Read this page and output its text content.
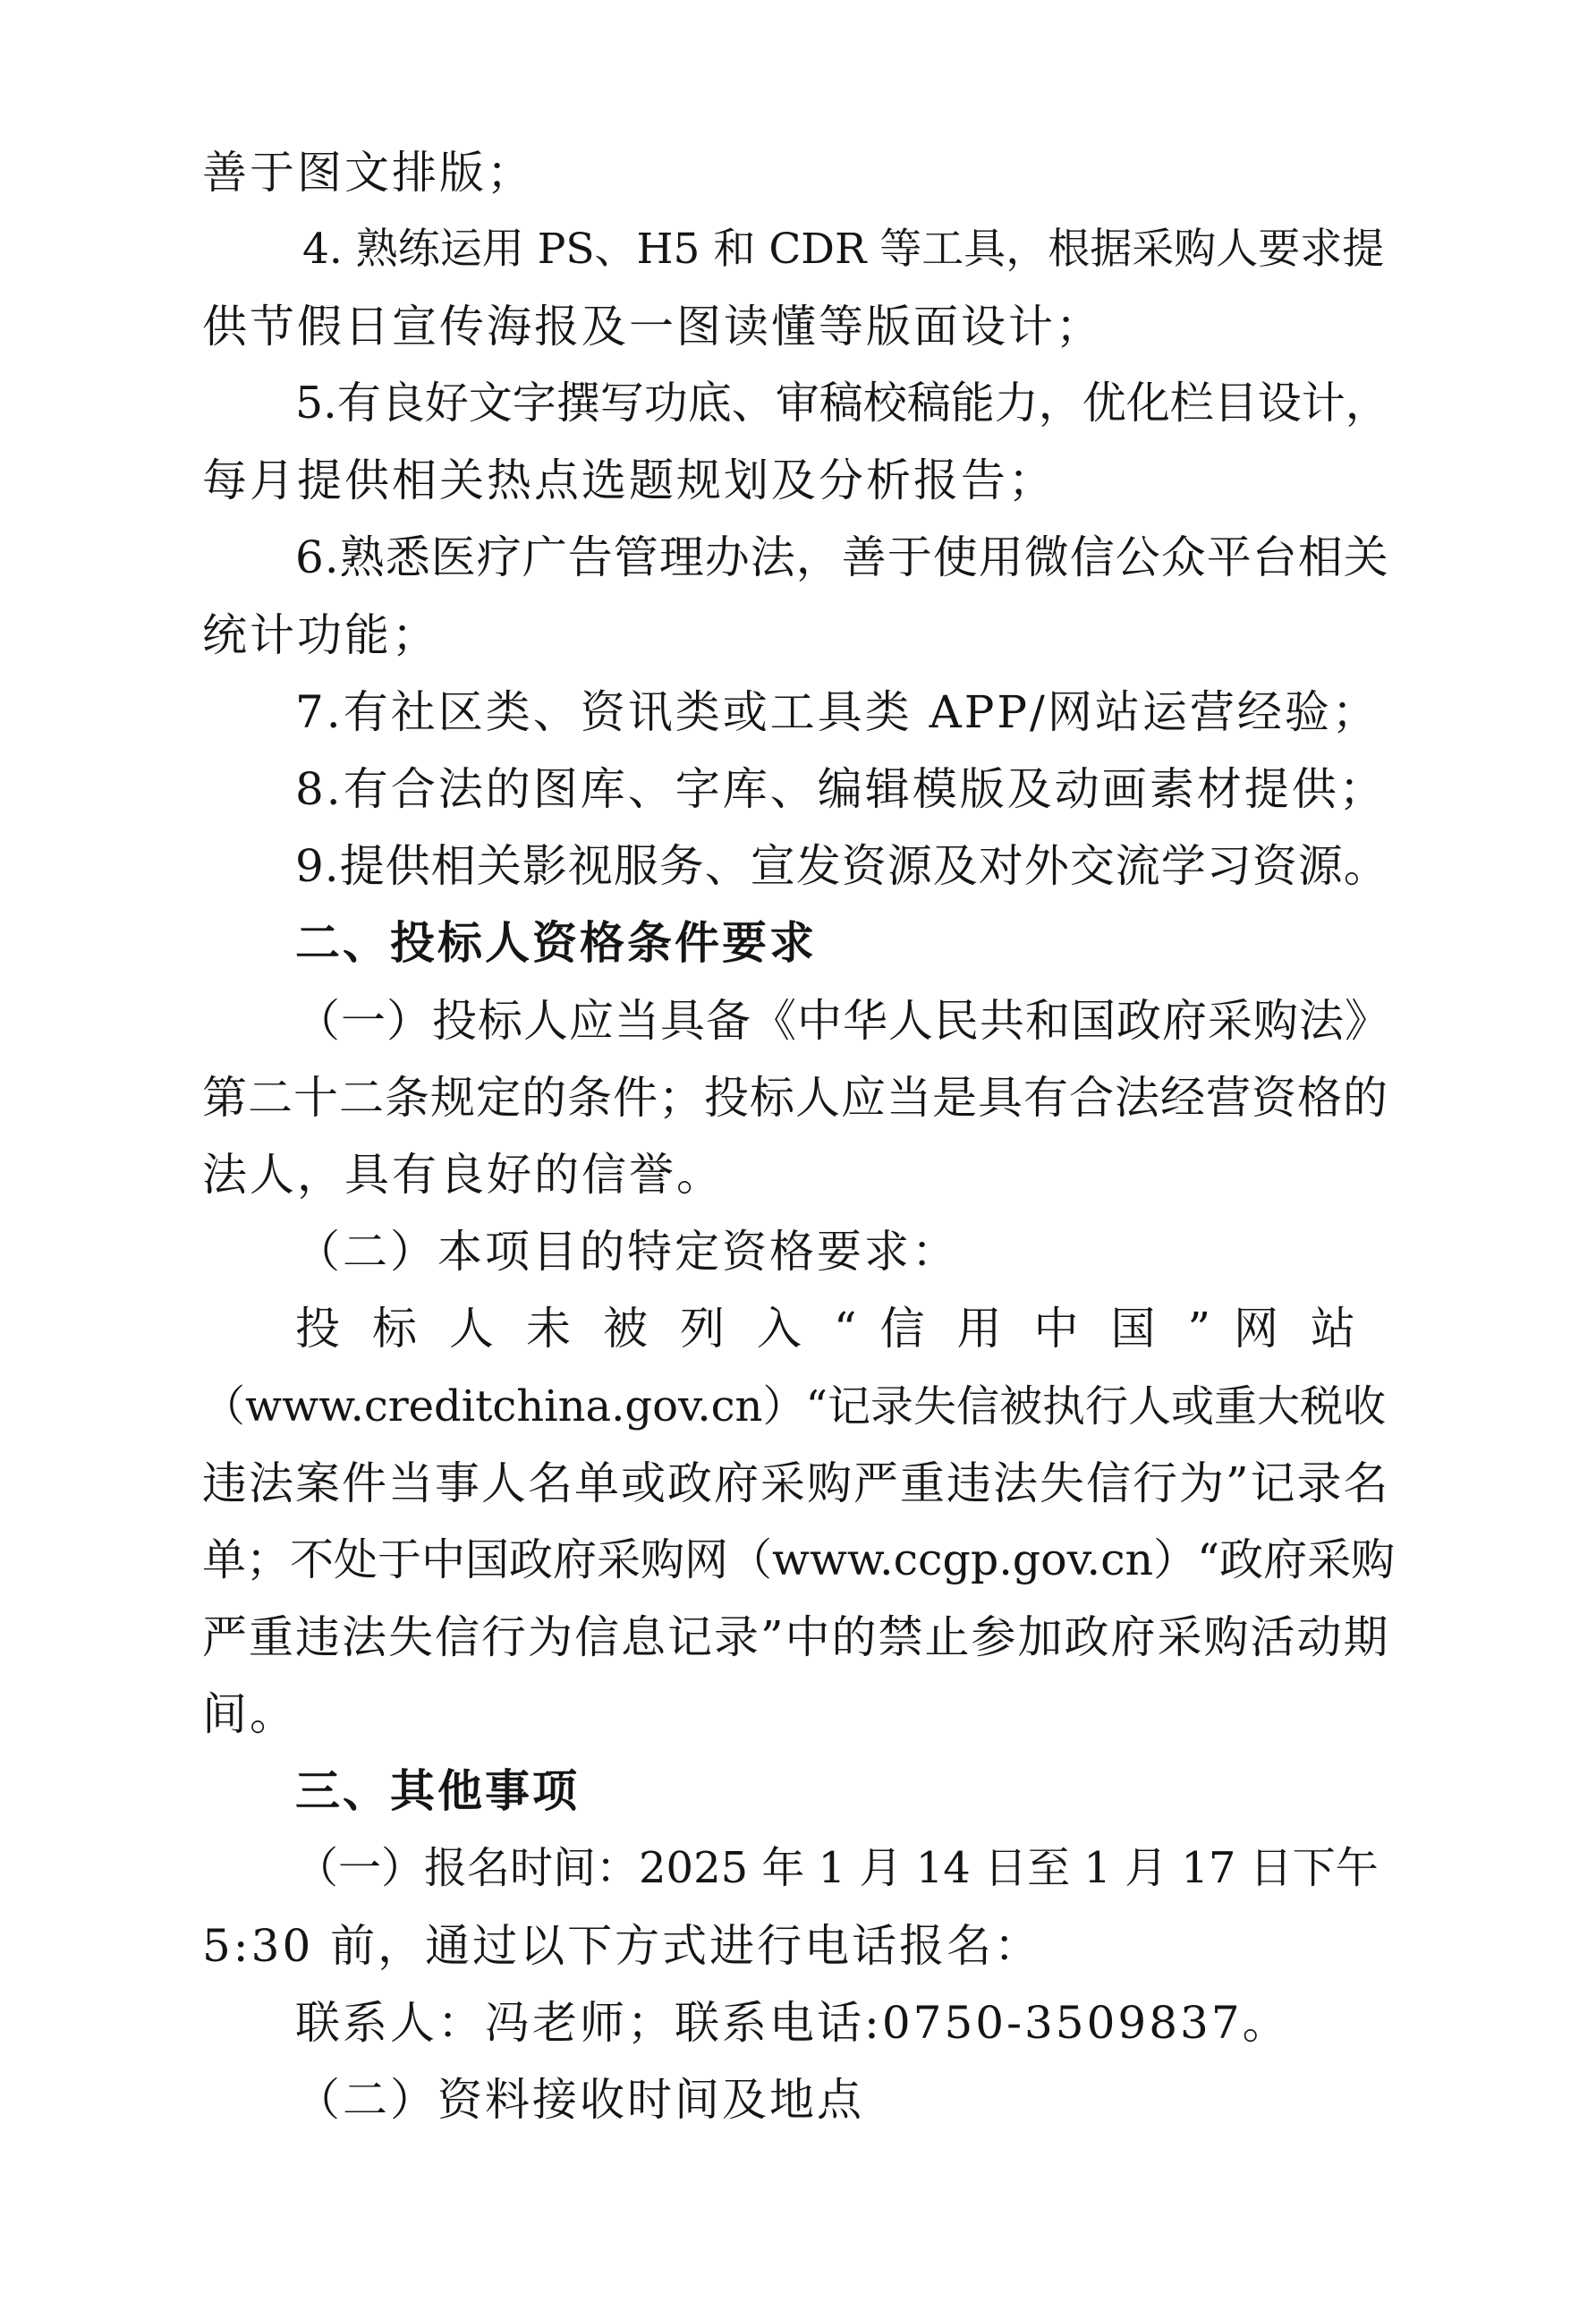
善于图文排版；
4. 熟练运用 PS、H5 和 CDR 等工具，根据采购人要求提
供节假日宣传海报及一图读懂等版面设计；
5.有良好文字撰写功底、审稿校稿能力，优化栏目设计，
每月提供相关热点选题规划及分析报告；
6.熟悉医疗广告管理办法，善于使用微信公众平台相关
统计功能；
7.有社区类、资讯类或工具类 APP/网站运营经验；
8.有合法的图库、字库、编辑模版及动画素材提供；
9.提供相关影视服务、宣发资源及对外交流学习资源。
二、投标人资格条件要求
（一）投标人应当具备《中华人民共和国政府采购法》
第二十二条规定的条件；投标人应当是具有合法经营资格的
法人，具有良好的信誉。
（二）本项目的特定资格要求：
投 标 人 未 被 列 入 “ 信 用 中 国 ” 网 站
（www.creditchina.gov.cn）“记录失信被执行人或重大税收
违法案件当事人名单或政府采购严重违法失信行为”记录名
单；不处于中国政府采购网（www.ccgp.gov.cn）“政府采购
严重违法失信行为信息记录”中的禁止参加政府采购活动期
间。
三、其他事项
（一）报名时间：2025 年 1 月 14 日至 1 月 17 日下午
5:30 前，通过以下方式进行电话报名：
联系人：冯老师；联系电话:0750-3509837。
（二）资料接收时间及地点
